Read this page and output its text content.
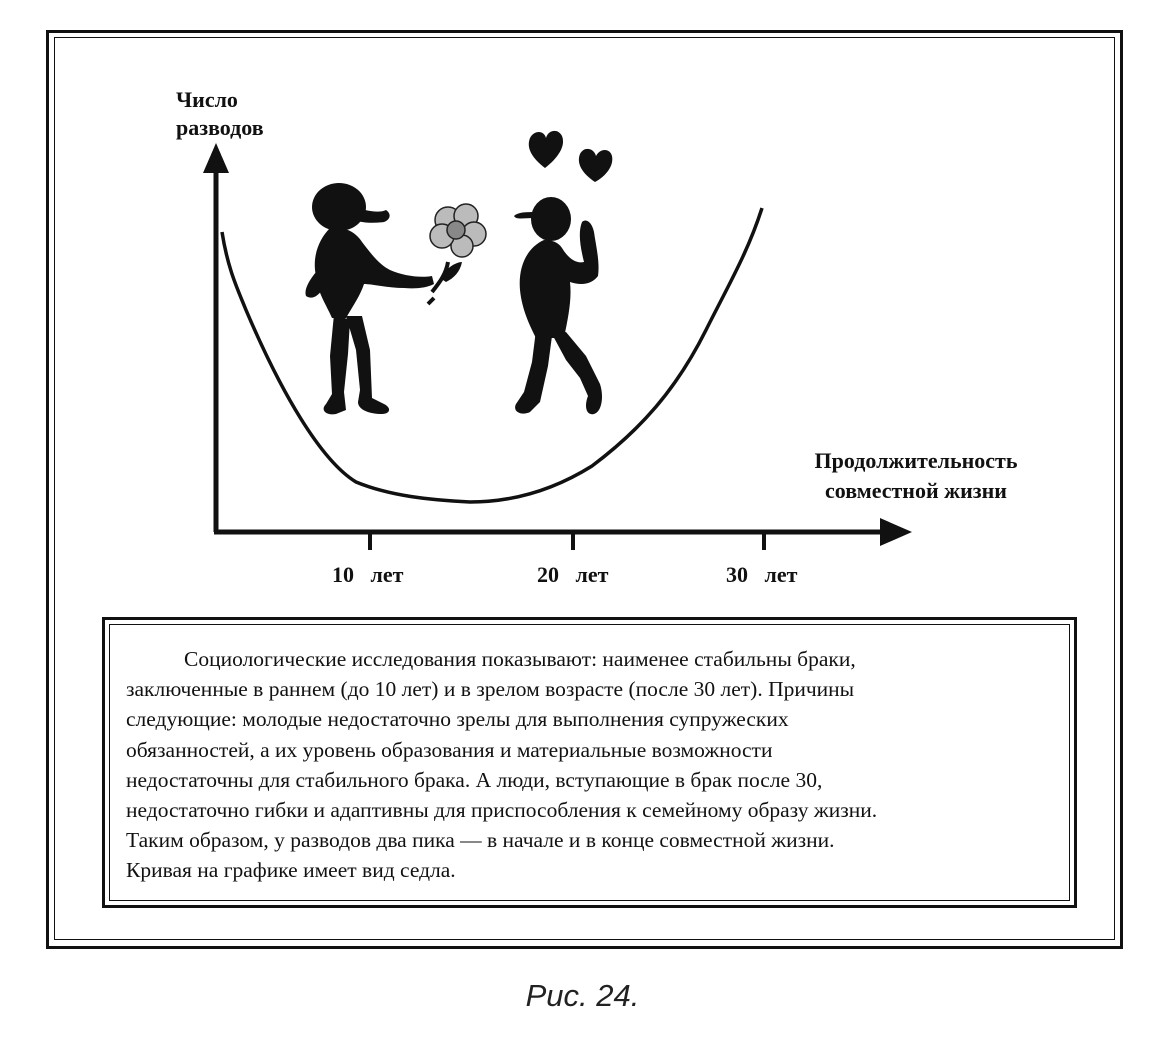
Число
разводов
Продолжительность
совместной жизни
10 лет	20 лет	30 лет
Социологические исследования показывают: наименее стабильны браки,
заключенные в раннем (до 10 лет) и в зрелом возрасте (после 30 лет). Причины
следующие: молодые недостаточно зрелы для выполнения супружеских
обязанностей, а их уровень образования и материальные возможности
недостаточны для стабильного брака. А люди, вступающие в брак после 30,
недостаточно гибки и адаптивны для приспособления к семейному образу жизни.
Таким образом, у разводов два пика — в начале и в конце совместной жизни.
Кривая на графике имеет вид седла.
Рис. 24.
